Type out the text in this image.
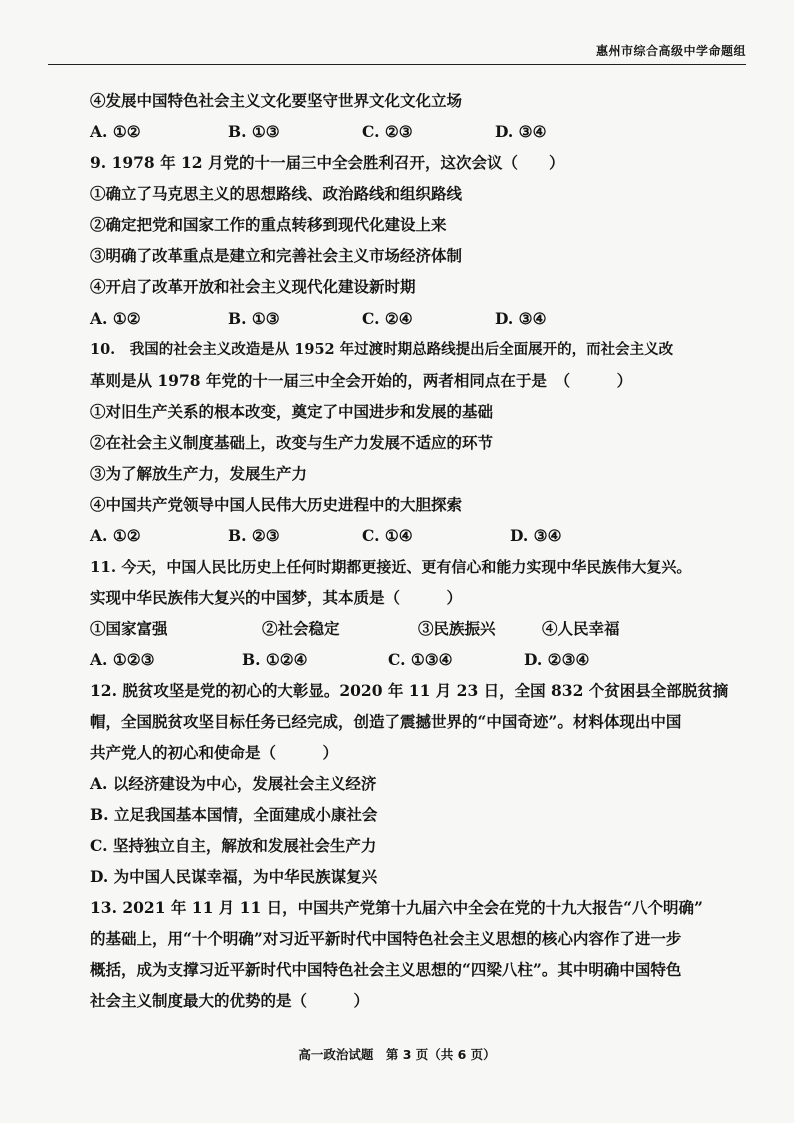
惠州市综合高级中学命题组
④发展中国特色社会主义文化要坚守世界文化文化立场
A. ①②	B. ①③	C. ②③	D. ③④
9. 1978 年 12 月党的十一届三中全会胜利召开，这次会议（　　）
①确立了马克思主义的思想路线、政治路线和组织路线
②确定把党和国家工作的重点转移到现代化建设上来
③明确了改革重点是建立和完善社会主义市场经济体制
④开启了改革开放和社会主义现代化建设新时期
A. ①②	B. ①③	C. ②④	D. ③④
10.　我国的社会主义改造是从 1952 年过渡时期总路线提出后全面展开的，而社会主义改
革则是从 1978 年党的十一届三中全会开始的，两者相同点在于是　（　　　）
①对旧生产关系的根本改变，奠定了中国进步和发展的基础
②在社会主义制度基础上，改变与生产力发展不适应的环节
③为了解放生产力，发展生产力
④中国共产党领导中国人民伟大历史进程中的大胆探索
A. ①②	B. ②③	C. ①④	D. ③④
11. 今天，中国人民比历史上任何时期都更接近、更有信心和能力实现中华民族伟大复兴。
实现中华民族伟大复兴的中国梦，其本质是（　　　）
①国家富强	②社会稳定	③民族振兴	④人民幸福
A. ①②③	B. ①②④	C. ①③④	D. ②③④
12. 脱贫攻坚是党的初心的大彰显。2020 年 11 月 23 日，全国 832 个贫困县全部脱贫摘
帽，全国脱贫攻坚目标任务已经完成，创造了震撼世界的“中国奇迹”。材料体现出中国
共产党人的初心和使命是（　　　）
A. 以经济建设为中心，发展社会主义经济
B. 立足我国基本国情，全面建成小康社会
C. 坚持独立自主，解放和发展社会生产力
D. 为中国人民谋幸福，为中华民族谋复兴
13. 2021 年 11 月 11 日，中国共产党第十九届六中全会在党的十九大报告“八个明确”
的基础上，用“十个明确”对习近平新时代中国特色社会主义思想的核心内容作了进一步
概括，成为支撑习近平新时代中国特色社会主义思想的“四梁八柱”。其中明确中国特色
社会主义制度最大的优势的是（　　　）
高一政治试题　第 3 页（共 6 页）
